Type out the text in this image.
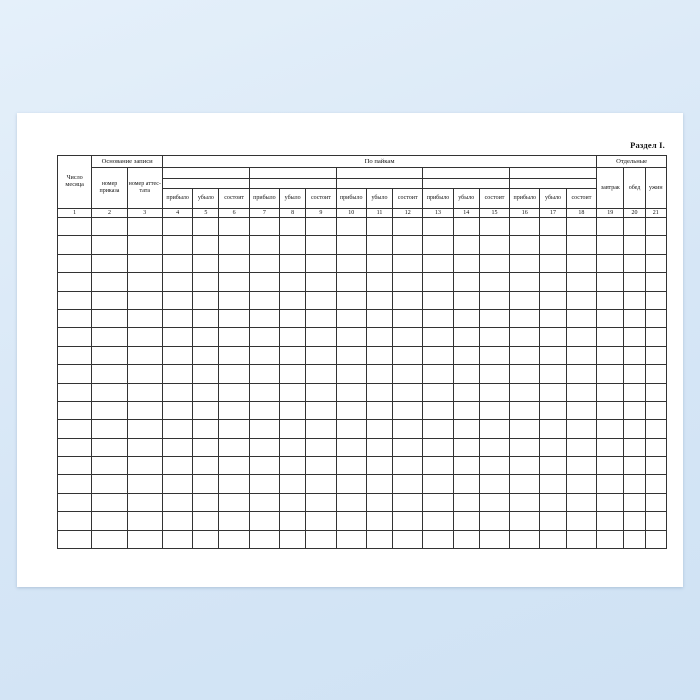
Раздел I.
Число месяца	Основание записи		По пайкам															Отдельные		
	номер приказа	номер аттес-тата																завтрак	обед	ужин

			прибыло	убыло	состоит	прибыло	убыло	состоит	прибыло	убыло	состоит	прибыло	убыло	состоит	прибыло	убыло	состоит			
1	2	3	4	5	6	7	8	9	10	11	12	13	14	15	16	17	18	19	20	21
